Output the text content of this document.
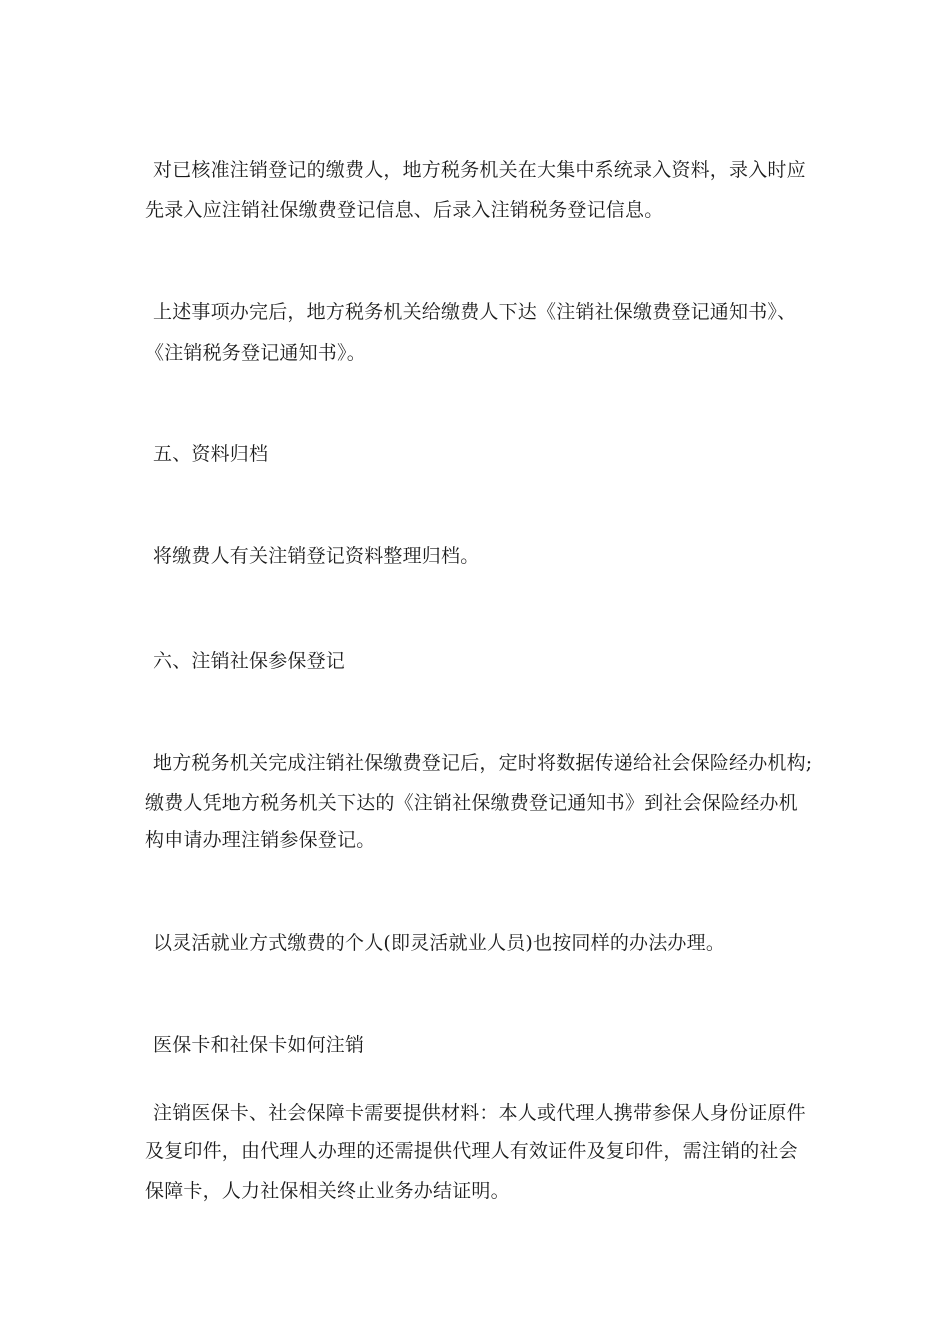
对已核准注销登记的缴费人，地方税务机关在大集中系统录入资料，录入时应
先录入应注销社保缴费登记信息、后录入注销税务登记信息。
上述事项办完后，地方税务机关给缴费人下达《注销社保缴费登记通知书》、
《注销税务登记通知书》。
五、资料归档
将缴费人有关注销登记资料整理归档。
六、注销社保参保登记
地方税务机关完成注销社保缴费登记后，定时将数据传递给社会保险经办机构;
缴费人凭地方税务机关下达的《注销社保缴费登记通知书》到社会保险经办机
构申请办理注销参保登记。
以灵活就业方式缴费的个人(即灵活就业人员)也按同样的办法办理。
医保卡和社保卡如何注销
注销医保卡、社会保障卡需要提供材料：本人或代理人携带参保人身份证原件
及复印件，由代理人办理的还需提供代理人有效证件及复印件，需注销的社会
保障卡，人力社保相关终止业务办结证明。
